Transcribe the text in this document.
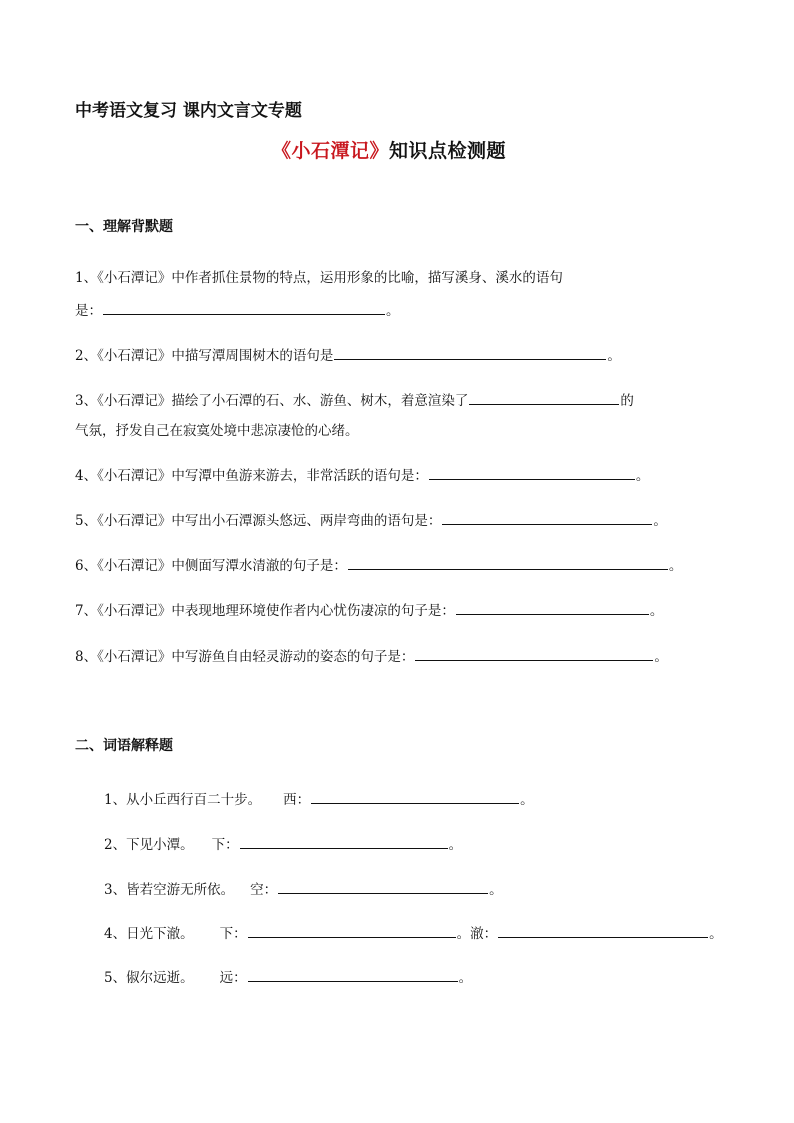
中考语文复习 课内文言文专题
《小石潭记》知识点检测题
一、理解背默题
1、《小石潭记》中作者抓住景物的特点，运用形象的比喻，描写溪身、溪水的语句
是：	。
2、《小石潭记》中描写潭周围树木的语句是	。
3、《小石潭记》描绘了小石潭的石、水、游鱼、树木，着意渲染了	的
气氛，抒发自己在寂寞处境中悲凉凄怆的心绪。
4、《小石潭记》中写潭中鱼游来游去，非常活跃的语句是：	。
5、《小石潭记》中写出小石潭源头悠远、两岸弯曲的语句是：	。
6、《小石潭记》中侧面写潭水清澈的句子是：	。
7、《小石潭记》中表现地理环境使作者内心忧伤凄凉的句子是：	。
8、《小石潭记》中写游鱼自由轻灵游动的姿态的句子是：	。
二、词语解释题
1、从小丘西行百二十步。 西：	。
2、下见小潭。 下：	。
3、皆若空游无所依。 空：	。
4、日光下澈。 下：	。澈：	。
5、俶尔远逝。 远：	。
